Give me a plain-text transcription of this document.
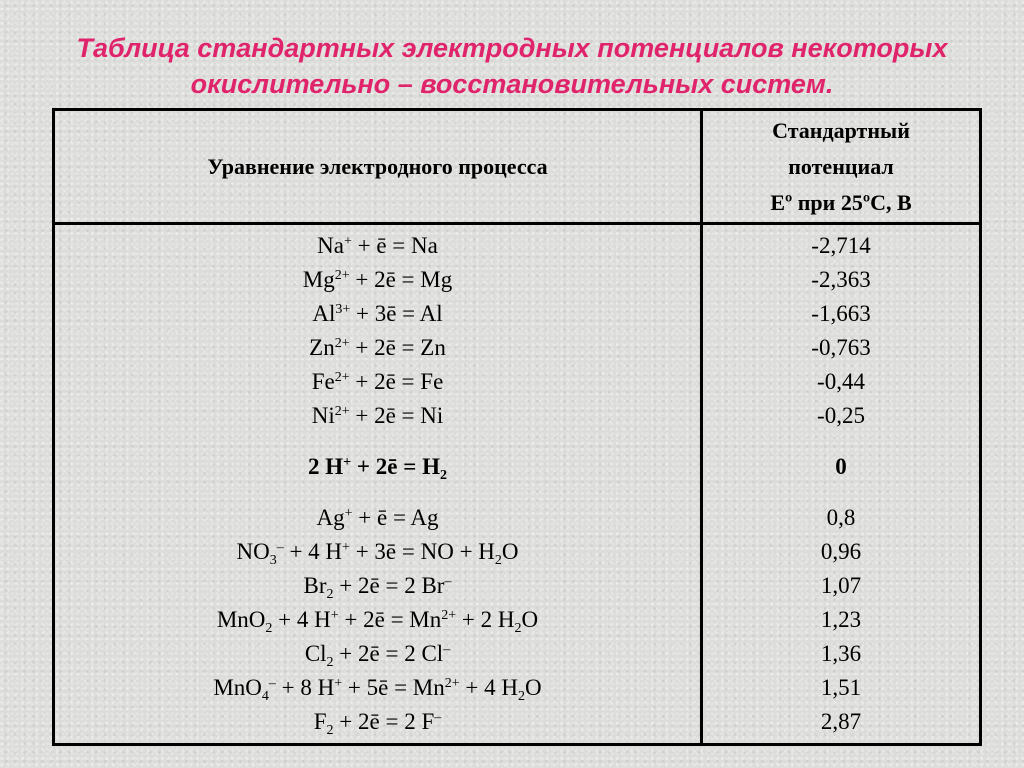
Таблица стандартных электродных потенциалов некоторых
окислительно – восстановительных систем.
Уравнение электродного процесса
Стандартный
потенциал
Еº при 25ºС, В
Na+ + ē = Na
$Mg^{2+}$ + 2ē = Mg
$Al^{3+}$ + 3ē = Al
$Zn^{2+}$ + 2ē = Zn
$Fe^{2+}$ + 2ē = Fe
$Ni^{2+}$ + 2ē = Ni
2 H+ + 2ē = $H_2$
Ag+ + ē = Ag
$NO_3^- + 4$ H+ + 3ē = NO + $H_2O$
$Br_2$ + 2ē = 2 Br–
MnO$_2$ + 4 H+ + 2ē = $Mn^{2+} + 2$ $H_2O$
$Cl_2$ + 2ē = 2 Cl–
MnO$_4$– + 8 H+ + 5ē = $Mn^{2+} + 4$ $H_2O$
$F_2$ + 2ē = 2 F–
-2,714
-2,363
-1,663
-0,763
-0,44
-0,25
0
0,8
0,96
1,07
1,23
1,36
1,51
2,87
